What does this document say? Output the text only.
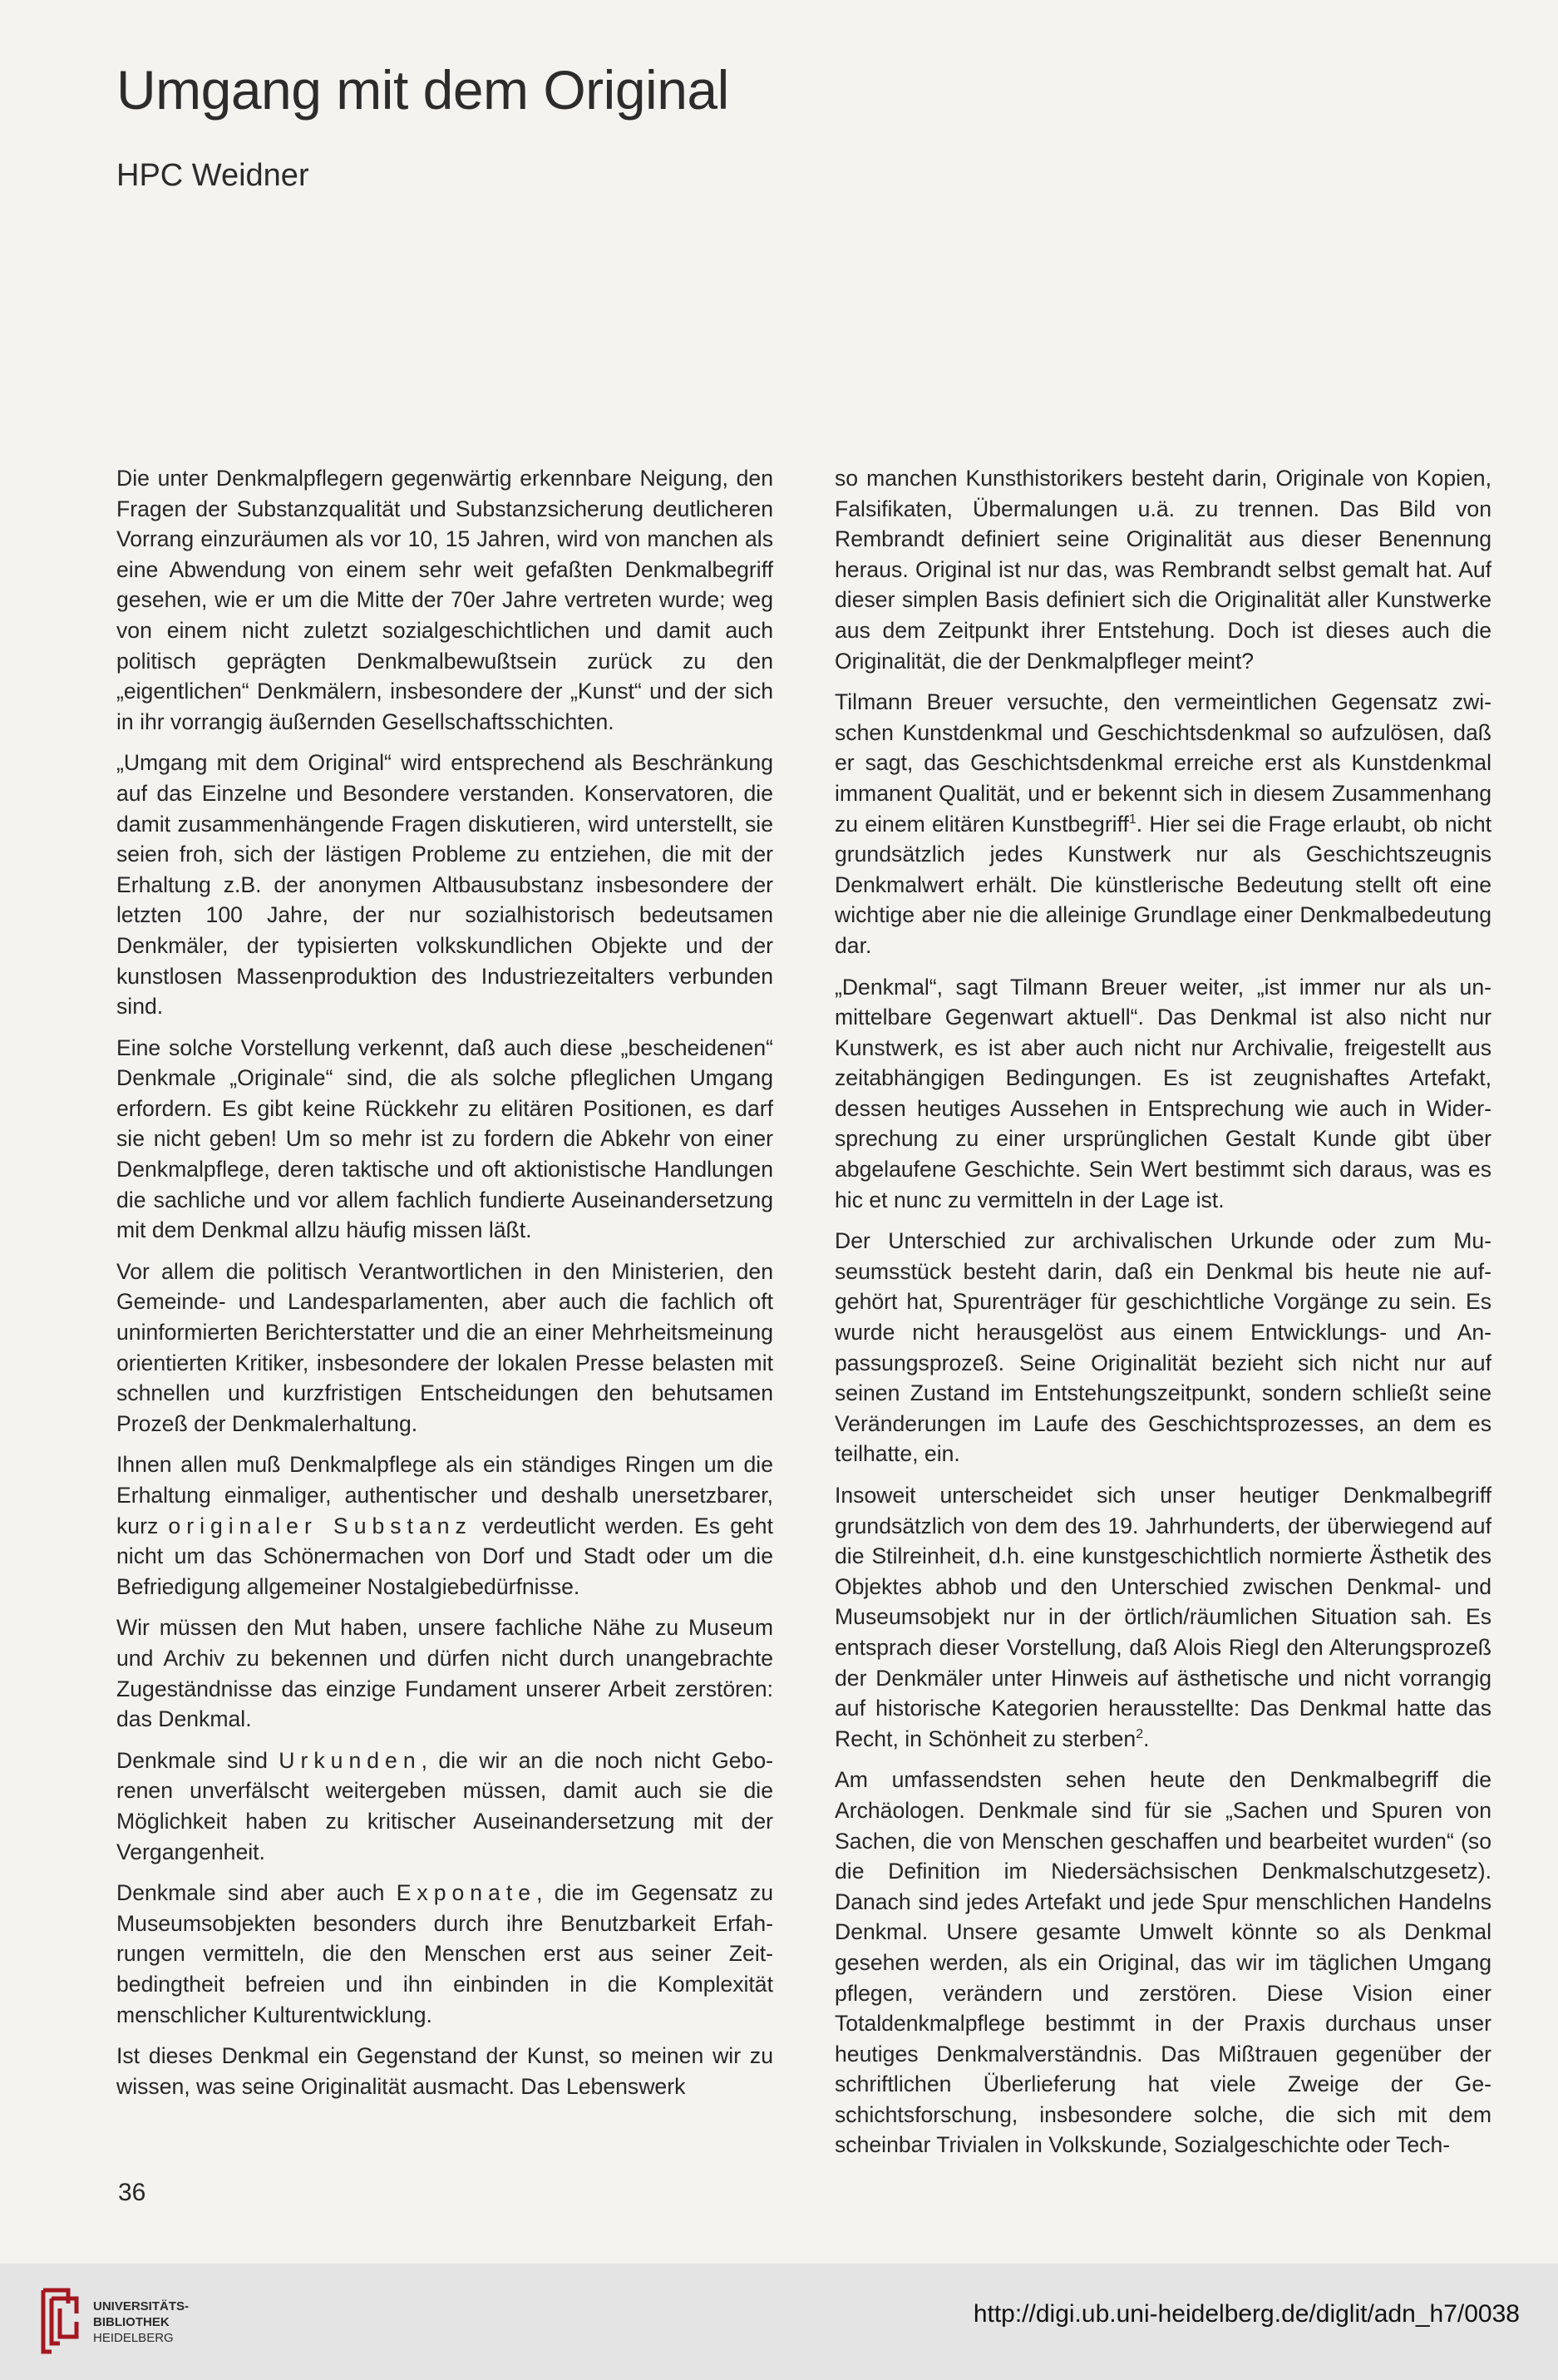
Umgang mit dem Original
HPC Weidner

Die unter Denkmalpflegern gegenwärtig erkennbare Neigung, den Fragen der Substanzqualität und Substanzsicherung deutlicheren Vorrang einzuräumen als vor 10, 15 Jahren, wird von manchen als eine Abwendung von einem sehr weit gefaßten Denkmalbegriff gesehen, wie er um die Mitte der 70er Jahre vertreten wurde; weg von einem nicht zuletzt sozialgeschichtlichen und damit auch politisch geprägten Denkmalbewußtsein zurück zu den „eigentlichen“ Denkmälern, insbesondere der „Kunst“ und der sich in ihr vorrangig äußernden Gesellschaftsschichten.

„Umgang mit dem Original“ wird entsprechend als Beschränkung auf das Einzelne und Besondere verstanden. Konservatoren, die damit zusammenhängende Fragen diskutieren, wird unterstellt, sie seien froh, sich der lästigen Probleme zu entziehen, die mit der Erhaltung z.B. der anonymen Altbausubstanz insbesondere der letzten 100 Jahre, der nur sozialhistorisch bedeutsamen Denkmäler, der typisierten volkskundlichen Objekte und der kunstlosen Massenproduktion des Industriezeitalters verbunden sind.

Eine solche Vorstellung verkennt, daß auch diese „bescheidenen“ Denkmale „Originale“ sind, die als solche pfleglichen Umgang erfordern. Es gibt keine Rückkehr zu elitären Positionen, es darf sie nicht geben! Um so mehr ist zu fordern die Abkehr von einer Denkmalpflege, deren taktische und oft aktionistische Handlungen die sachliche und vor allem fachlich fundierte Auseinandersetzung mit dem Denkmal allzu häufig missen läßt.

Vor allem die politisch Verantwortlichen in den Ministerien, den Gemeinde- und Landesparlamenten, aber auch die fachlich oft uninformierten Berichterstatter und die an einer Mehrheitsmeinung orientierten Kritiker, insbesondere der lokalen Presse belasten mit schnellen und kurzfristigen Entscheidungen den behutsamen Prozeß der Denkmalerhaltung.

Ihnen allen muß Denkmalpflege als ein ständiges Ringen um die Erhaltung einmaliger, authentischer und deshalb unersetzbarer, kurz originaler Substanz verdeutlicht werden. Es geht nicht um das Schönermachen von Dorf und Stadt oder um die Befriedigung allgemeiner Nostalgiebedürfnisse.

Wir müssen den Mut haben, unsere fachliche Nähe zu Museum und Archiv zu bekennen und dürfen nicht durch unangebrachte Zugeständnisse das einzige Fundament unserer Arbeit zerstören: das Denkmal.

Denkmale sind Urkunden, die wir an die noch nicht Geborenen unverfälscht weitergeben müssen, damit auch sie die Möglichkeit haben zu kritischer Auseinandersetzung mit der Vergangenheit.

Denkmale sind aber auch Exponate, die im Gegensatz zu Museumsobjekten besonders durch ihre Benutzbarkeit Erfahrungen vermitteln, die den Menschen erst aus seiner Zeitbedingtheit befreien und ihn einbinden in die Komplexität menschlicher Kulturentwicklung.

Ist dieses Denkmal ein Gegenstand der Kunst, so meinen wir zu wissen, was seine Originalität ausmacht. Das Lebenswerk

so manchen Kunsthistorikers besteht darin, Originale von Kopien, Falsifikaten, Übermalungen u.ä. zu trennen. Das Bild von Rembrandt definiert seine Originalität aus dieser Benennung heraus. Original ist nur das, was Rembrandt selbst gemalt hat. Auf dieser simplen Basis definiert sich die Originalität aller Kunstwerke aus dem Zeitpunkt ihrer Entstehung. Doch ist dieses auch die Originalität, die der Denkmalpfleger meint?

Tilmann Breuer versuchte, den vermeintlichen Gegensatz zwischen Kunstdenkmal und Geschichtsdenkmal so aufzulösen, daß er sagt, das Geschichtsdenkmal erreiche erst als Kunstdenkmal immanent Qualität, und er bekennt sich in diesem Zusammenhang zu einem elitären Kunstbegriff$^1$. Hier sei die Frage erlaubt, ob nicht grundsätzlich jedes Kunstwerk nur als Geschichtszeugnis Denkmalwert erhält. Die künstlerische Bedeutung stellt oft eine wichtige aber nie die alleinige Grundlage einer Denkmalbedeutung dar.

„Denkmal“, sagt Tilmann Breuer weiter, „ist immer nur als unmittelbare Gegenwart aktuell“. Das Denkmal ist also nicht nur Kunstwerk, es ist aber auch nicht nur Archivalie, freigestellt aus zeitabhängigen Bedingungen. Es ist zeugnishaftes Artefakt, dessen heutiges Aussehen in Entsprechung wie auch in Widersprechung zu einer ursprünglichen Gestalt Kunde gibt über abgelaufene Geschichte. Sein Wert bestimmt sich daraus, was es hic et nunc zu vermitteln in der Lage ist.

Der Unterschied zur archivalischen Urkunde oder zum Museumsstück besteht darin, daß ein Denkmal bis heute nie aufgehört hat, Spurenträger für geschichtliche Vorgänge zu sein. Es wurde nicht herausgelöst aus einem Entwicklungs- und Anpassungsprozeß. Seine Originalität bezieht sich nicht nur auf seinen Zustand im Entstehungszeitpunkt, sondern schließt seine Veränderungen im Laufe des Geschichtsprozesses, an dem es teilhatte, ein.

Insoweit unterscheidet sich unser heutiger Denkmalbegriff grundsätzlich von dem des 19. Jahrhunderts, der überwiegend auf die Stilreinheit, d.h. eine kunstgeschichtlich normierte Ästhetik des Objektes abhob und den Unterschied zwischen Denkmal- und Museumsobjekt nur in der örtlich/räumlichen Situation sah. Es entsprach dieser Vorstellung, daß Alois Riegl den Alterungsprozeß der Denkmäler unter Hinweis auf ästhetische und nicht vorrangig auf historische Kategorien herausstellte: Das Denkmal hatte das Recht, in Schönheit zu sterben$^2$.

Am umfassendsten sehen heute den Denkmalbegriff die Archäologen. Denkmale sind für sie „Sachen und Spuren von Sachen, die von Menschen geschaffen und bearbeitet wurden“ (so die Definition im Niedersächsischen Denkmalschutzgesetz). Danach sind jedes Artefakt und jede Spur menschlichen Handelns Denkmal. Unsere gesamte Umwelt könnte so als Denkmal gesehen werden, als ein Original, das wir im täglichen Umgang pflegen, verändern und zerstören. Diese Vision einer Totaldenkmalpflege bestimmt in der Praxis durchaus unser heutiges Denkmalverständnis. Das Mißtrauen gegenüber der schriftlichen Überlieferung hat viele Zweige der Geschichtsforschung, insbesondere solche, die sich mit dem scheinbar Trivialen in Volkskunde, Sozialgeschichte oder Tech-

36
UNIVERSITÄTS-
BIBLIOTHEK
HEIDELBERG
http://digi.ub.uni-heidelberg.de/diglit/adn_h7/0038
